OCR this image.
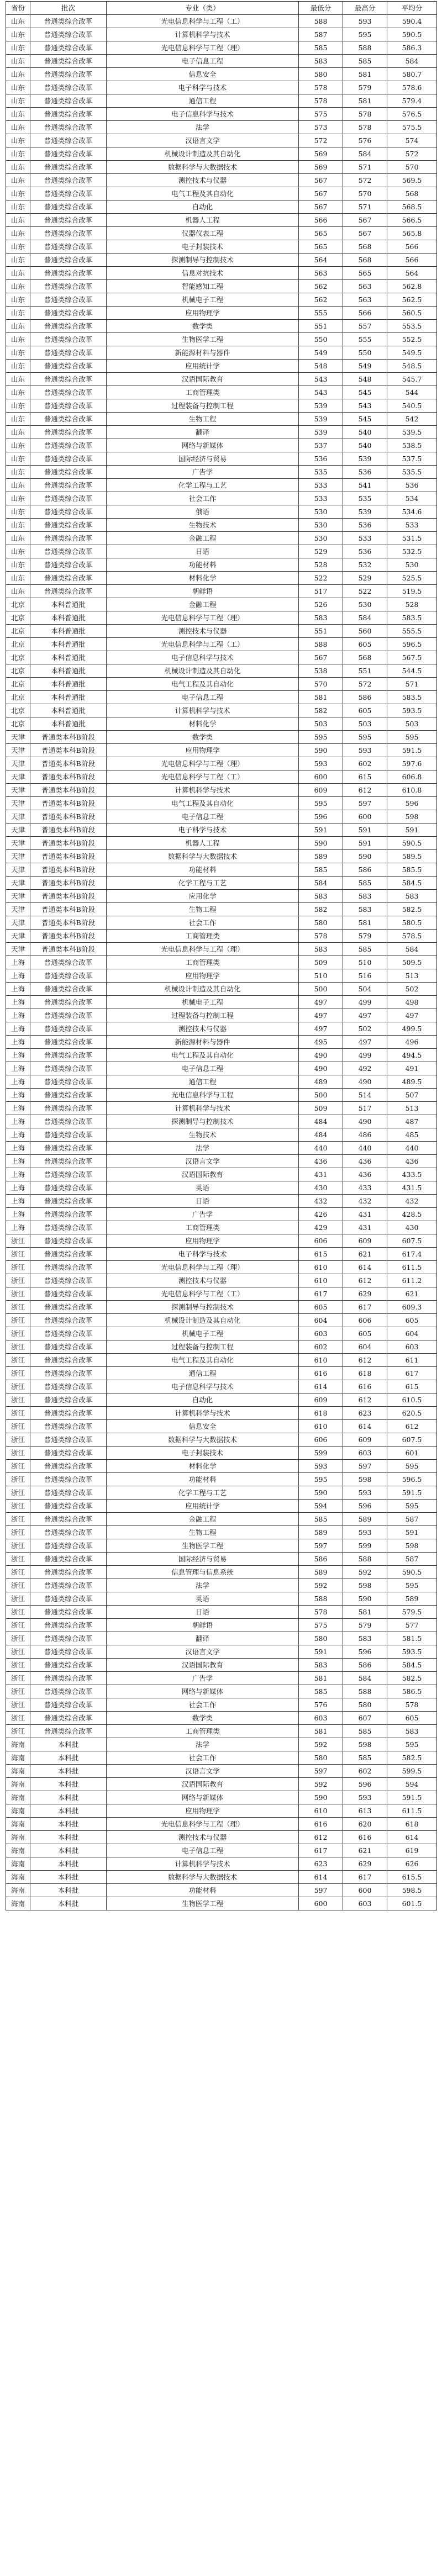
省份	批次	专业（类）	最低分	最高分	平均分
山东	普通类综合改革	光电信息科学与工程（工）	588	593	590.4
山东	普通类综合改革	计算机科学与技术	587	595	590.5
山东	普通类综合改革	光电信息科学与工程（理）	585	588	586.3
山东	普通类综合改革	电子信息工程	583	585	584
山东	普通类综合改革	信息安全	580	581	580.7
山东	普通类综合改革	电子科学与技术	578	579	578.6
山东	普通类综合改革	通信工程	578	581	579.4
山东	普通类综合改革	电子信息科学与技术	575	578	576.5
山东	普通类综合改革	法学	573	578	575.5
山东	普通类综合改革	汉语言文学	572	576	574
山东	普通类综合改革	机械设计制造及其自动化	569	584	572
山东	普通类综合改革	数据科学与大数据技术	569	571	570
山东	普通类综合改革	测控技术与仪器	567	572	569.5
山东	普通类综合改革	电气工程及其自动化	567	570	568
山东	普通类综合改革	自动化	567	571	568.5
山东	普通类综合改革	机器人工程	566	567	566.5
山东	普通类综合改革	仪器仪表工程	565	567	565.8
山东	普通类综合改革	电子封装技术	565	568	566
山东	普通类综合改革	探测制导与控制技术	564	568	566
山东	普通类综合改革	信息对抗技术	563	565	564
山东	普通类综合改革	智能感知工程	562	563	562.8
山东	普通类综合改革	机械电子工程	562	563	562.5
山东	普通类综合改革	应用物理学	555	566	560.5
山东	普通类综合改革	数学类	551	557	553.5
山东	普通类综合改革	生物医学工程	550	555	552.5
山东	普通类综合改革	新能源材料与器件	549	550	549.5
山东	普通类综合改革	应用统计学	548	549	548.5
山东	普通类综合改革	汉语国际教育	543	548	545.7
山东	普通类综合改革	工商管理类	543	545	544
山东	普通类综合改革	过程装备与控制工程	539	543	540.5
山东	普通类综合改革	生物工程	539	545	542
山东	普通类综合改革	翻译	539	540	539.5
山东	普通类综合改革	网络与新媒体	537	540	538.5
山东	普通类综合改革	国际经济与贸易	536	539	537.5
山东	普通类综合改革	广告学	535	536	535.5
山东	普通类综合改革	化学工程与工艺	533	541	536
山东	普通类综合改革	社会工作	533	535	534
山东	普通类综合改革	俄语	530	539	534.6
山东	普通类综合改革	生物技术	530	536	533
山东	普通类综合改革	金融工程	530	533	531.5
山东	普通类综合改革	日语	529	536	532.5
山东	普通类综合改革	功能材料	528	532	530
山东	普通类综合改革	材料化学	522	529	525.5
山东	普通类综合改革	朝鲜语	517	522	519.5
北京	本科普通批	金融工程	526	530	528
北京	本科普通批	光电信息科学与工程（理）	583	584	583.5
北京	本科普通批	测控技术与仪器	551	560	555.5
北京	本科普通批	光电信息科学与工程（工）	588	605	596.5
北京	本科普通批	电子信息科学与技术	567	568	567.5
北京	本科普通批	机械设计制造及其自动化	538	551	544.5
北京	本科普通批	电气工程及其自动化	570	572	571
北京	本科普通批	电子信息工程	581	586	583.5
北京	本科普通批	计算机科学与技术	582	605	593.5
北京	本科普通批	材料化学	503	503	503
天津	普通类本科B阶段	数学类	595	595	595
天津	普通类本科B阶段	应用物理学	590	593	591.5
天津	普通类本科B阶段	光电信息科学与工程（理）	593	602	597.6
天津	普通类本科B阶段	光电信息科学与工程（工）	600	615	606.8
天津	普通类本科B阶段	计算机科学与技术	609	612	610.8
天津	普通类本科B阶段	电气工程及其自动化	595	597	596
天津	普通类本科B阶段	电子信息工程	596	600	598
天津	普通类本科B阶段	电子科学与技术	591	591	591
天津	普通类本科B阶段	机器人工程	590	591	590.5
天津	普通类本科B阶段	数据科学与大数据技术	589	590	589.5
天津	普通类本科B阶段	功能材料	585	586	585.5
天津	普通类本科B阶段	化学工程与工艺	584	585	584.5
天津	普通类本科B阶段	应用化学	583	583	583
天津	普通类本科B阶段	生物工程	582	583	582.5
天津	普通类本科B阶段	社会工作	580	581	580.5
天津	普通类本科B阶段	工商管理类	578	579	578.5
天津	普通类本科B阶段	光电信息科学与工程（理）	583	585	584
上海	普通类综合改革	工商管理类	509	510	509.5
上海	普通类综合改革	应用物理学	510	516	513
上海	普通类综合改革	机械设计制造及其自动化	500	504	502
上海	普通类综合改革	机械电子工程	497	499	498
上海	普通类综合改革	过程装备与控制工程	497	497	497
上海	普通类综合改革	测控技术与仪器	497	502	499.5
上海	普通类综合改革	新能源材料与器件	495	497	496
上海	普通类综合改革	电气工程及其自动化	490	499	494.5
上海	普通类综合改革	电子信息工程	490	492	491
上海	普通类综合改革	通信工程	489	490	489.5
上海	普通类综合改革	光电信息科学与工程	500	514	507
上海	普通类综合改革	计算机科学与技术	509	517	513
上海	普通类综合改革	探测制导与控制技术	484	490	487
上海	普通类综合改革	生物技术	484	486	485
上海	普通类综合改革	法学	440	440	440
上海	普通类综合改革	汉语言文学	436	436	436
上海	普通类综合改革	汉语国际教育	431	436	433.5
上海	普通类综合改革	英语	430	433	431.5
上海	普通类综合改革	日语	432	432	432
上海	普通类综合改革	广告学	426	431	428.5
上海	普通类综合改革	工商管理类	429	431	430
浙江	普通类综合改革	应用物理学	606	609	607.5
浙江	普通类综合改革	电子科学与技术	615	621	617.4
浙江	普通类综合改革	光电信息科学与工程（理）	610	614	611.5
浙江	普通类综合改革	测控技术与仪器	610	612	611.2
浙江	普通类综合改革	光电信息科学与工程（工）	617	629	621
浙江	普通类综合改革	探测制导与控制技术	605	617	609.3
浙江	普通类综合改革	机械设计制造及其自动化	604	606	605
浙江	普通类综合改革	机械电子工程	603	605	604
浙江	普通类综合改革	过程装备与控制工程	602	604	603
浙江	普通类综合改革	电气工程及其自动化	610	612	611
浙江	普通类综合改革	通信工程	616	618	617
浙江	普通类综合改革	电子信息科学与技术	614	616	615
浙江	普通类综合改革	自动化	609	612	610.5
浙江	普通类综合改革	计算机科学与技术	618	623	620.5
浙江	普通类综合改革	信息安全	610	614	612
浙江	普通类综合改革	数据科学与大数据技术	606	609	607.5
浙江	普通类综合改革	电子封装技术	599	603	601
浙江	普通类综合改革	材料化学	593	597	595
浙江	普通类综合改革	功能材料	595	598	596.5
浙江	普通类综合改革	化学工程与工艺	590	593	591.5
浙江	普通类综合改革	应用统计学	594	596	595
浙江	普通类综合改革	金融工程	585	589	587
浙江	普通类综合改革	生物工程	589	593	591
浙江	普通类综合改革	生物医学工程	597	599	598
浙江	普通类综合改革	国际经济与贸易	586	588	587
浙江	普通类综合改革	信息管理与信息系统	589	592	590.5
浙江	普通类综合改革	法学	592	598	595
浙江	普通类综合改革	英语	588	590	589
浙江	普通类综合改革	日语	578	581	579.5
浙江	普通类综合改革	朝鲜语	575	579	577
浙江	普通类综合改革	翻译	580	583	581.5
浙江	普通类综合改革	汉语言文学	591	596	593.5
浙江	普通类综合改革	汉语国际教育	583	586	584.5
浙江	普通类综合改革	广告学	581	584	582.5
浙江	普通类综合改革	网络与新媒体	585	588	586.5
浙江	普通类综合改革	社会工作	576	580	578
浙江	普通类综合改革	数学类	603	607	605
浙江	普通类综合改革	工商管理类	581	585	583
海南	本科批	法学	592	598	595
海南	本科批	社会工作	580	585	582.5
海南	本科批	汉语言文学	597	602	599.5
海南	本科批	汉语国际教育	592	596	594
海南	本科批	网络与新媒体	590	593	591.5
海南	本科批	应用物理学	610	613	611.5
海南	本科批	光电信息科学与工程（理）	616	620	618
海南	本科批	测控技术与仪器	612	616	614
海南	本科批	电子信息工程	617	621	619
海南	本科批	计算机科学与技术	623	629	626
海南	本科批	数据科学与大数据技术	614	617	615.5
海南	本科批	功能材料	597	600	598.5
海南	本科批	生物医学工程	600	603	601.5
